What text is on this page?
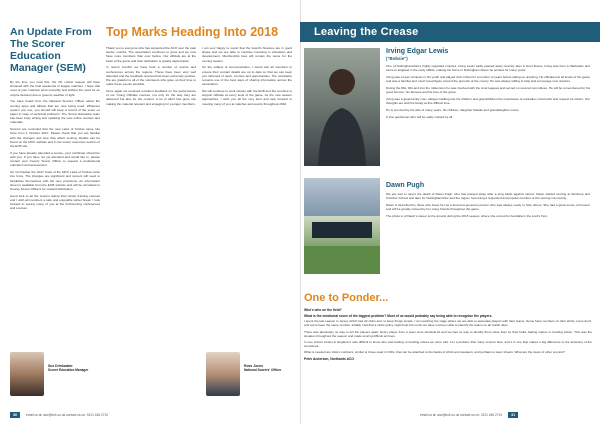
An Update From The Scorer Education Manager (SEM)

By the time you read this, the UK cricket season will have climaxed with the final weekends of league matches. I hope that most of your matches went smoothly and without the need for an umpire decision due to ground, weather or light.

You have heard from the National Scorers' Officer about the scoring apps and tablets that are now being used. Whatever system you use, you should still keep a record of the score on paper in case of technical problems. The Scorer Education team has been busy writing and updating the new online courses and materials.

Scorers are reminded that the new Laws of Cricket came into force from 1 October 2017. Please check that you are familiar with the changes and how they affect scoring. Details can be found on the MCC website and in the scorer resources section of the ECB site.

If you have already attended a course, your certificate should be with you. If you have not yet attended and would like to, please contact your County Scorer Officer to request a professional education and assessment.

On 14 October the 2017 Code of the MCC Laws of Cricket came into force. The changes are significant and scorers will need to familiarise themselves with the new provisions. An information sheet is available from the ECB website and will be circulated to County Scorer Officers for onward distribution.

Good luck to all the scorers taking their winter training courses and I wish all members a safe and enjoyable winter break. I look forward to seeing many of you at the forthcoming conferences and courses.

Sue Drinkwater
Scorer Education Manager
Top Marks Heading Into 2018

Thank you to everyone who has supported the ACO over the past twelve months. The association continues to grow and we now have more members than ever before. Our officials are at the heart of the game and their dedication is greatly appreciated.

In recent months we have held a number of events and conferences across the regions. These have been very well attended and the feedback received has been extremely positive. We are grateful to all of the volunteers who gave up their time to make these events possible.

Once again we received excellent feedback on the performance of our Young Officials courses, not only for the way they are delivered but also for the content. A lot of effort has gone into making the material relevant and engaging for younger members.

I am very happy to report that the board's finances are in good shape and we are able to continue investing in education and development. Membership fees will remain the same for the coming season.

On the subject of communication, I would ask all members to ensure their contact details are up to date so that we can keep you informed of news, courses and opportunities. The newsletter remains one of the best ways of sharing information across the association.

We will continue to work closely with the ECB and the counties to support officials at every level of the game. As the new season approaches, I wish you all the very best and look forward to meeting many of you at matches and events throughout 2018.

Ross Jones
National Scorers' Officer
30	email us at: aco@ecb.co.uk contact us on: 0121 446 2710
Leaving the Crease
Irving Edgar Lewis
("Bobsie")

One of Nottinghamshire's highly regarded umpires, Irving Lewis sadly passed away recently after a short illness. Irving was born in Barbados and came to England in the early 1960s, making his home in Nottingham where he worked for many years.

Irving was a keen cricketer in his youth and played club cricket for a number of years before taking up umpiring. He officiated at all levels of the game and was a familiar and much loved figure around the grounds of the county. He was always willing to help and encourage new umpires.

During the 80s, 90s and into the millennium he was involved with the local leagues and served on several committees. He will be remembered for his good humour, his fairness and his love of the game.

Irving was a great family man, always instilling into his children and grandchildren the importance of education, hard work and respect for others. Our thoughts are with his family at this difficult time.

He is survived by his wife of many years, his children, daughter Natalie and granddaughter Lotus.

A true gentleman who will be sadly missed by all.

Dawn Pugh

We are sad to report the death of Dawn Pugh, who has passed away after a long battle against cancer. Dawn started scoring at Worksop and Clumber School and later for Nottinghamshire and the region, becoming a respected and popular member of the scoring community.

Dawn is described by those who knew her as a kind and generous person who was always ready to help others. She had a great sense of humour and will be greatly missed by her many friends throughout the game.

The photo is of Dawn's career at the ground during the 2015 season, where she scored for Australia in the Lord's Test.

One to Ponder...
Who's who on the field?
What is the emotional score of the biggest problem? Most of us would probably say being able to recognise the players.

I spent the last season in Jersey which has 22 clubs and, to keep things simple, I am reaching the stage where we are able to associate players with their teams. Some have numbers on their shirts, some don't, and some have the same number. Initially I felt that a clubs policy might help but so far we have not been able to identify the teams on all match days.

There was absolutely no way to tell the players apart. Every player from a team wore identical kit and we had no way to identify them other than by their build, batting stance or bowling action. This was the situation throughout the season and made scoring difficult at times.

In one school cricket in England it was difficult to know who was batting or bowling unless we were told. It is a problem that many scorers face, and it is one that makes a big difference to the accuracy of the scorebook.

What is needed are Velcro numbers, similar to those used in ODIs, that can be attached to the backs of shirts and sweaters, and perhaps to team sheets. What are the views of other scorers?

Peter Anderson, Northants ACO
email us at: aco@ecb.co.uk contact us on: 0121 446 2710	31
